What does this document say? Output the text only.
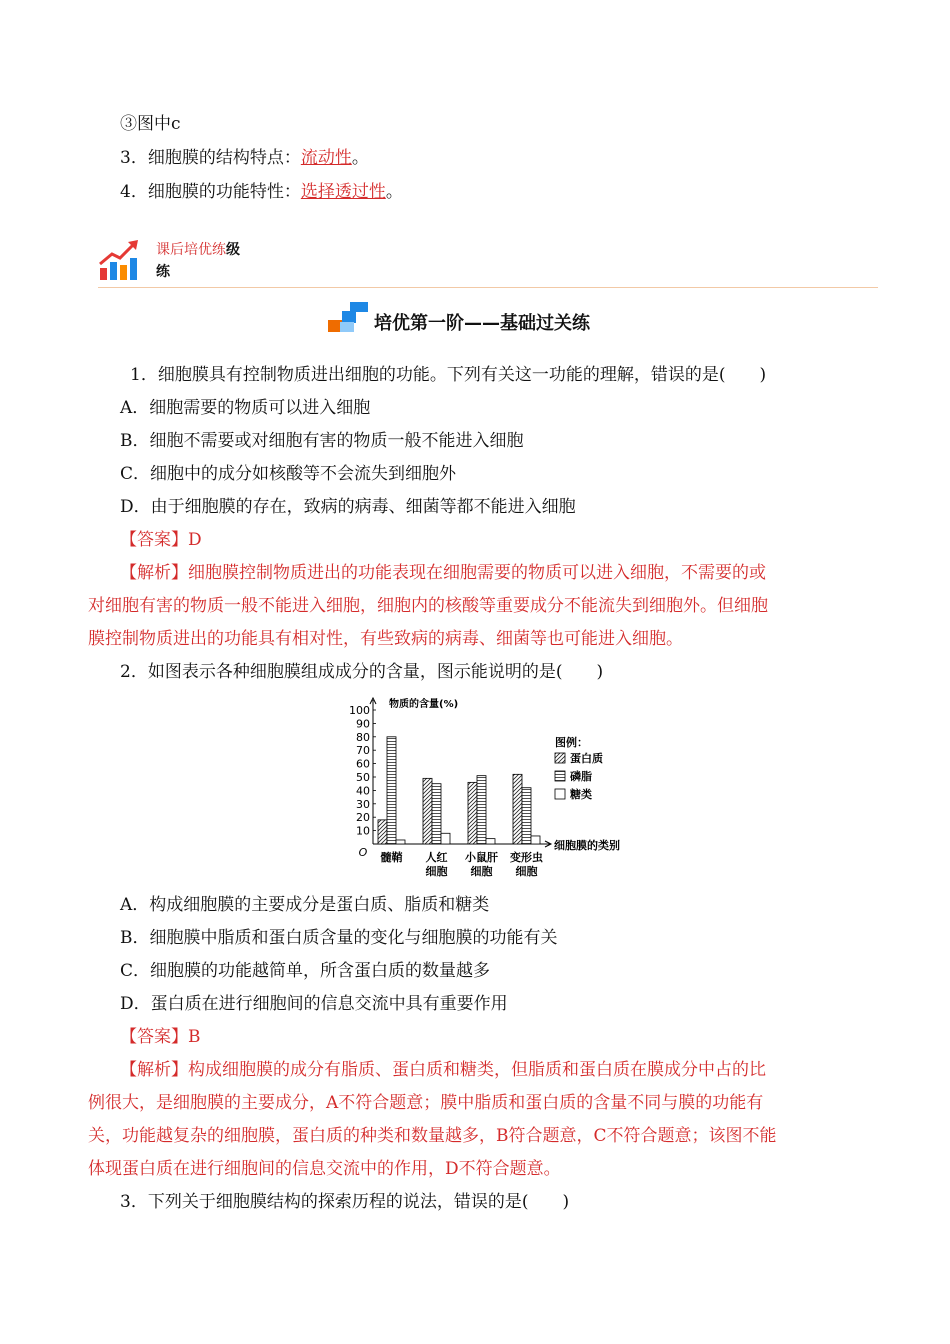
③图中c
3．细胞膜的结构特点：流动性。
4．细胞膜的功能特性：选择透过性。
课后培优练级
练
培优第一阶——基础过关练
1．细胞膜具有控制物质进出细胞的功能。下列有关这一功能的理解，错误的是(　　)
A．细胞需要的物质可以进入细胞
B．细胞不需要或对细胞有害的物质一般不能进入细胞
C．细胞中的成分如核酸等不会流失到细胞外
D．由于细胞膜的存在，致病的病毒、细菌等都不能进入细胞
【答案】D
【解析】细胞膜控制物质进出的功能表现在细胞需要的物质可以进入细胞，不需要的或
对细胞有害的物质一般不能进入细胞，细胞内的核酸等重要成分不能流失到细胞外。但细胞
膜控制物质进出的功能具有相对性，有些致病的病毒、细菌等也可能进入细胞。
2．如图表示各种细胞膜组成成分的含量，图示能说明的是(　　)
10
20
30
40
50
60
70
80
90
100
O
物质的含量(%)
细胞膜的类别
髓鞘 人红
细胞
小鼠肝
细胞
变形虫
细胞
图例：
蛋白质
磷脂
糖类
A．构成细胞膜的主要成分是蛋白质、脂质和糖类
B．细胞膜中脂质和蛋白质含量的变化与细胞膜的功能有关
C．细胞膜的功能越简单，所含蛋白质的数量越多
D．蛋白质在进行细胞间的信息交流中具有重要作用
【答案】B
【解析】构成细胞膜的成分有脂质、蛋白质和糖类，但脂质和蛋白质在膜成分中占的比
例很大，是细胞膜的主要成分，A不符合题意；膜中脂质和蛋白质的含量不同与膜的功能有
关，功能越复杂的细胞膜，蛋白质的种类和数量越多，B符合题意，C不符合题意；该图不能
体现蛋白质在进行细胞间的信息交流中的作用，D不符合题意。
3．下列关于细胞膜结构的探索历程的说法，错误的是(　　)
